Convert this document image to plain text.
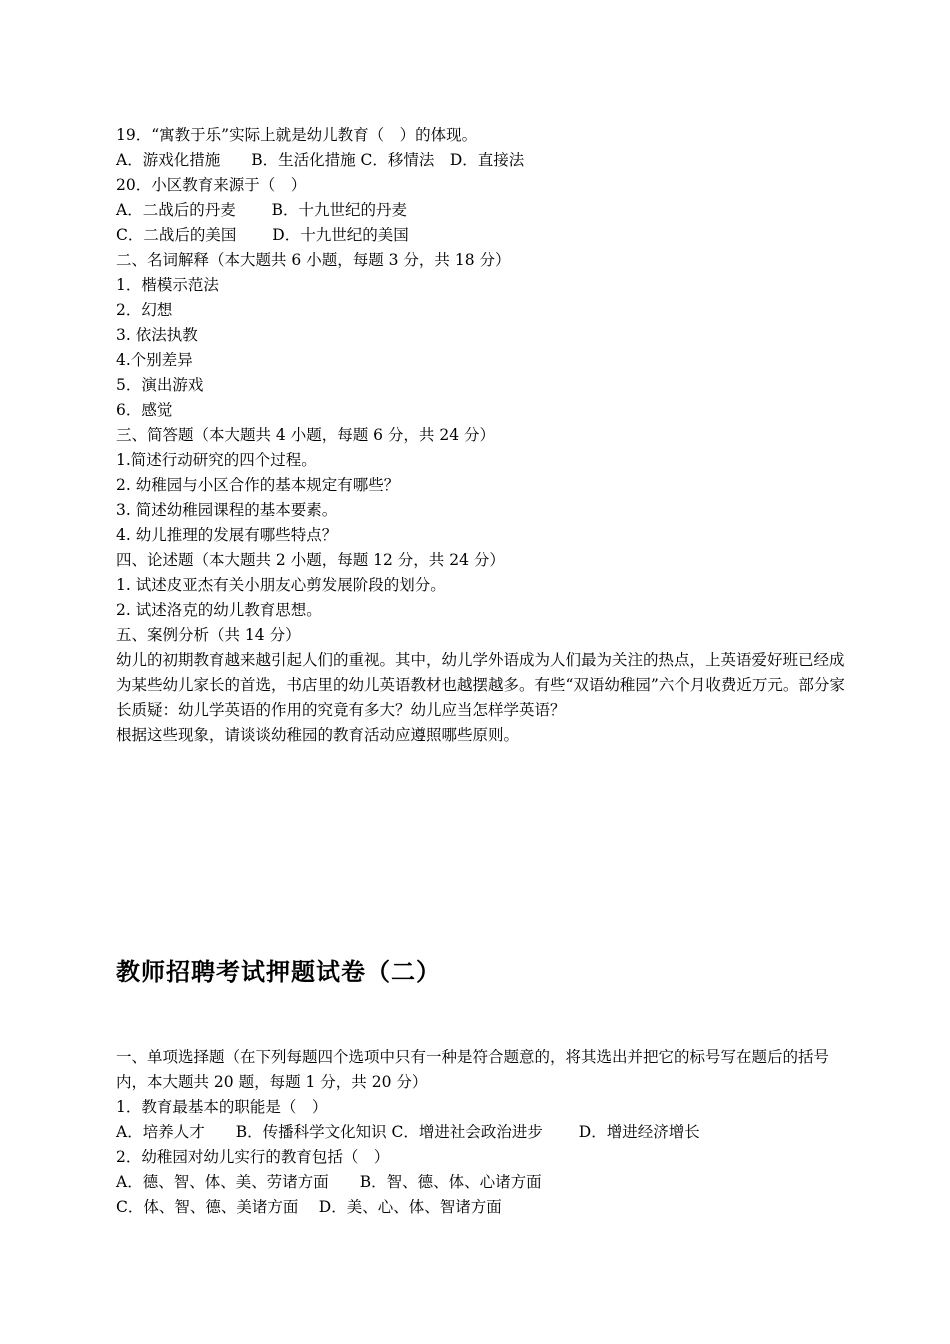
19．“寓教于乐”实际上就是幼儿教育（　）的体现。
A．游戏化措施　　B．生活化措施 C．移情法　D．直接法
20．小区教育来源于（　）
A．二战后的丹麦　　 B．十九世纪的丹麦
C．二战后的美国　　 D．十九世纪的美国
二、名词解释（本大题共 6 小题，每题 3 分，共 18 分）
1．楷模示范法
2．幻想
3. 依法执教
4.个别差异
5．演出游戏
6．感觉
三、简答题（本大题共 4 小题，每题 6 分，共 24 分）
1.简述行动研究的四个过程。
2. 幼稚园与小区合作的基本规定有哪些？
3. 简述幼稚园课程的基本要素。
4. 幼儿推理的发展有哪些特点？
四、论述题（本大题共 2 小题，每题 12 分，共 24 分）
1. 试述皮亚杰有关小朋友心剪发展阶段的划分。
2. 试述洛克的幼儿教育思想。
五、案例分析（共 14 分）
幼儿的初期教育越来越引起人们的重视。其中，幼儿学外语成为人们最为关注的热点，上英语爱好班已经成为某些幼儿家长的首选，书店里的幼儿英语教材也越摆越多。有些“双语幼稚园”六个月收费近万元。部分家长质疑：幼儿学英语的作用的究竟有多大？幼儿应当怎样学英语？
根据这些现象，请谈谈幼稚园的教育活动应遵照哪些原则。
教师招聘考试押题试卷（二）
一、单项选择题（在下列每题四个选项中只有一种是符合题意的，将其选出并把它的标号写在题后的括号内，本大题共 20 题，每题 1 分，共 20 分）
1．教育最基本的职能是（　）
A．培养人才　　B．传播科学文化知识 C．增进社会政治进步　　 D．增进经济增长
2．幼稚园对幼儿实行的教育包括（　）
A．德、智、体、美、劳诸方面　　B．智、德、体、心诸方面
C．体、智、德、美诸方面　 D．美、心、体、智诸方面
